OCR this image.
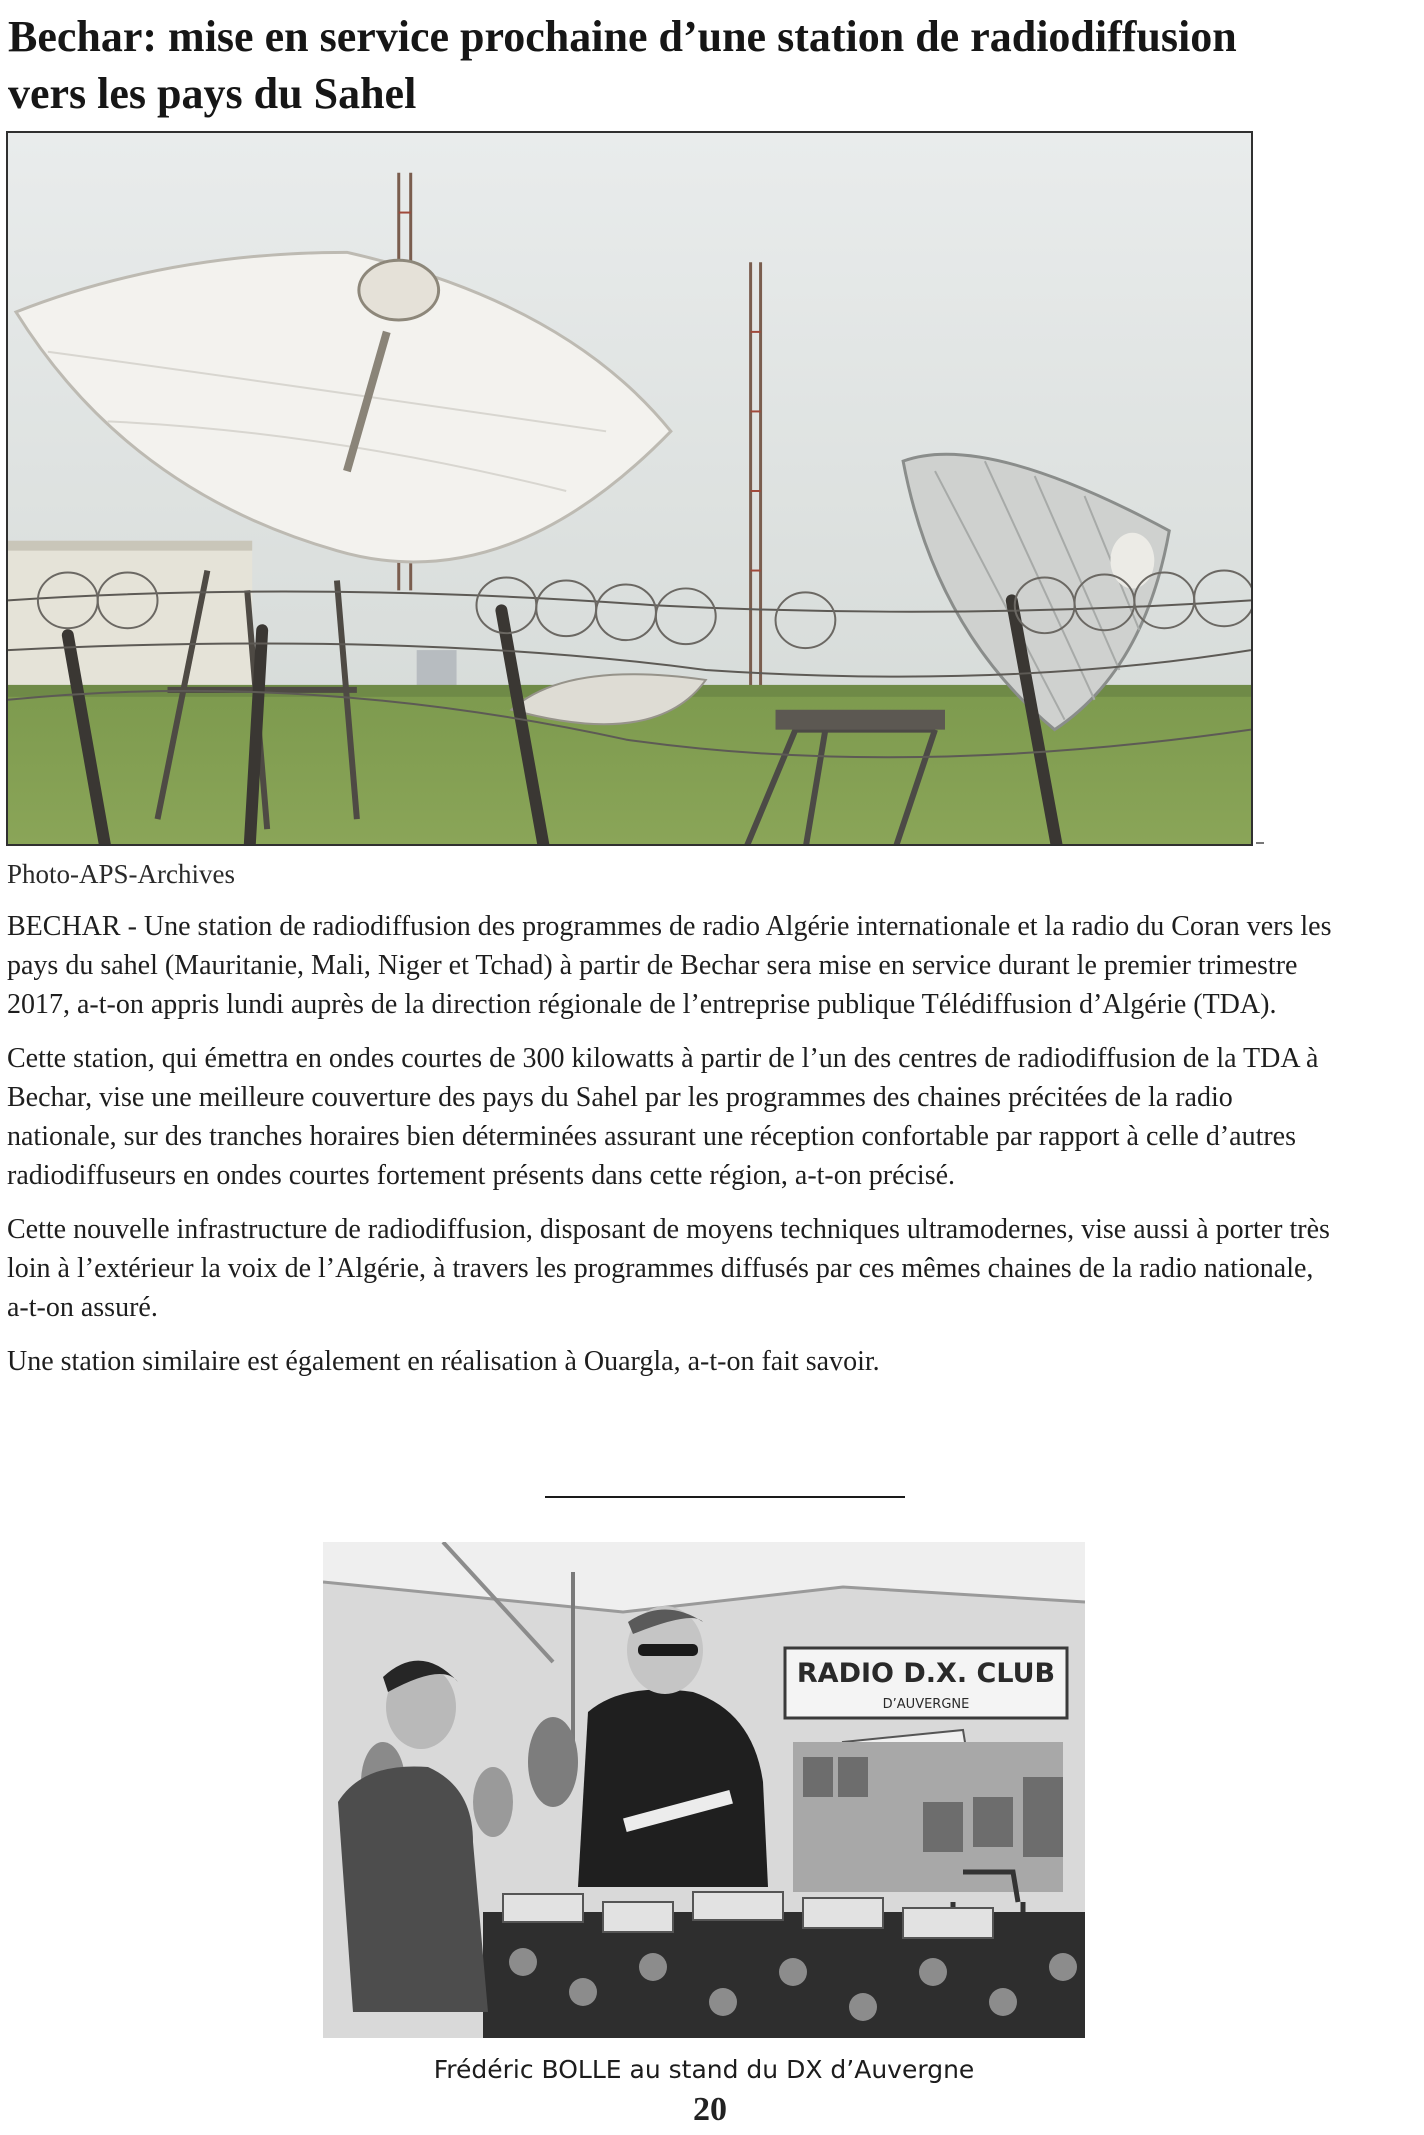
Bechar: mise en service prochaine d’une station de radiodiffusion vers les pays du Sahel
Photo-APS-Archives

BECHAR - Une station de radiodiffusion des programmes de radio Algérie internationale et la radio du Coran vers les pays du sahel (Mauritanie, Mali, Niger et Tchad) à partir de Bechar sera mise en service durant le premier trimestre 2017, a-t-on appris lundi auprès de la direction régionale de l’entreprise publique Télédiffusion d’Algérie (TDA).

Cette station, qui émettra en ondes courtes de 300 kilowatts à partir de l’un des centres de radiodiffusion de la TDA à Bechar, vise une meilleure couverture des pays du Sahel par les programmes des chaines précitées de la radio nationale, sur des tranches horaires bien déterminées assurant une réception confortable par rapport à celle d’autres radiodiffuseurs en ondes courtes fortement présents dans cette région, a-t-on précisé.

Cette nouvelle infrastructure de radiodiffusion, disposant de moyens techniques ultramodernes, vise aussi à porter très loin à l’extérieur la voix de l’Algérie, à travers les programmes diffusés par ces mêmes chaines de la radio nationale, a-t-on assuré.

Une station similaire est également en réalisation à Ouargla, a-t-on fait savoir.

RADIO D.X. CLUB
D’AUVERGNE
Frédéric BOLLE au stand du DX d’Auvergne
20
